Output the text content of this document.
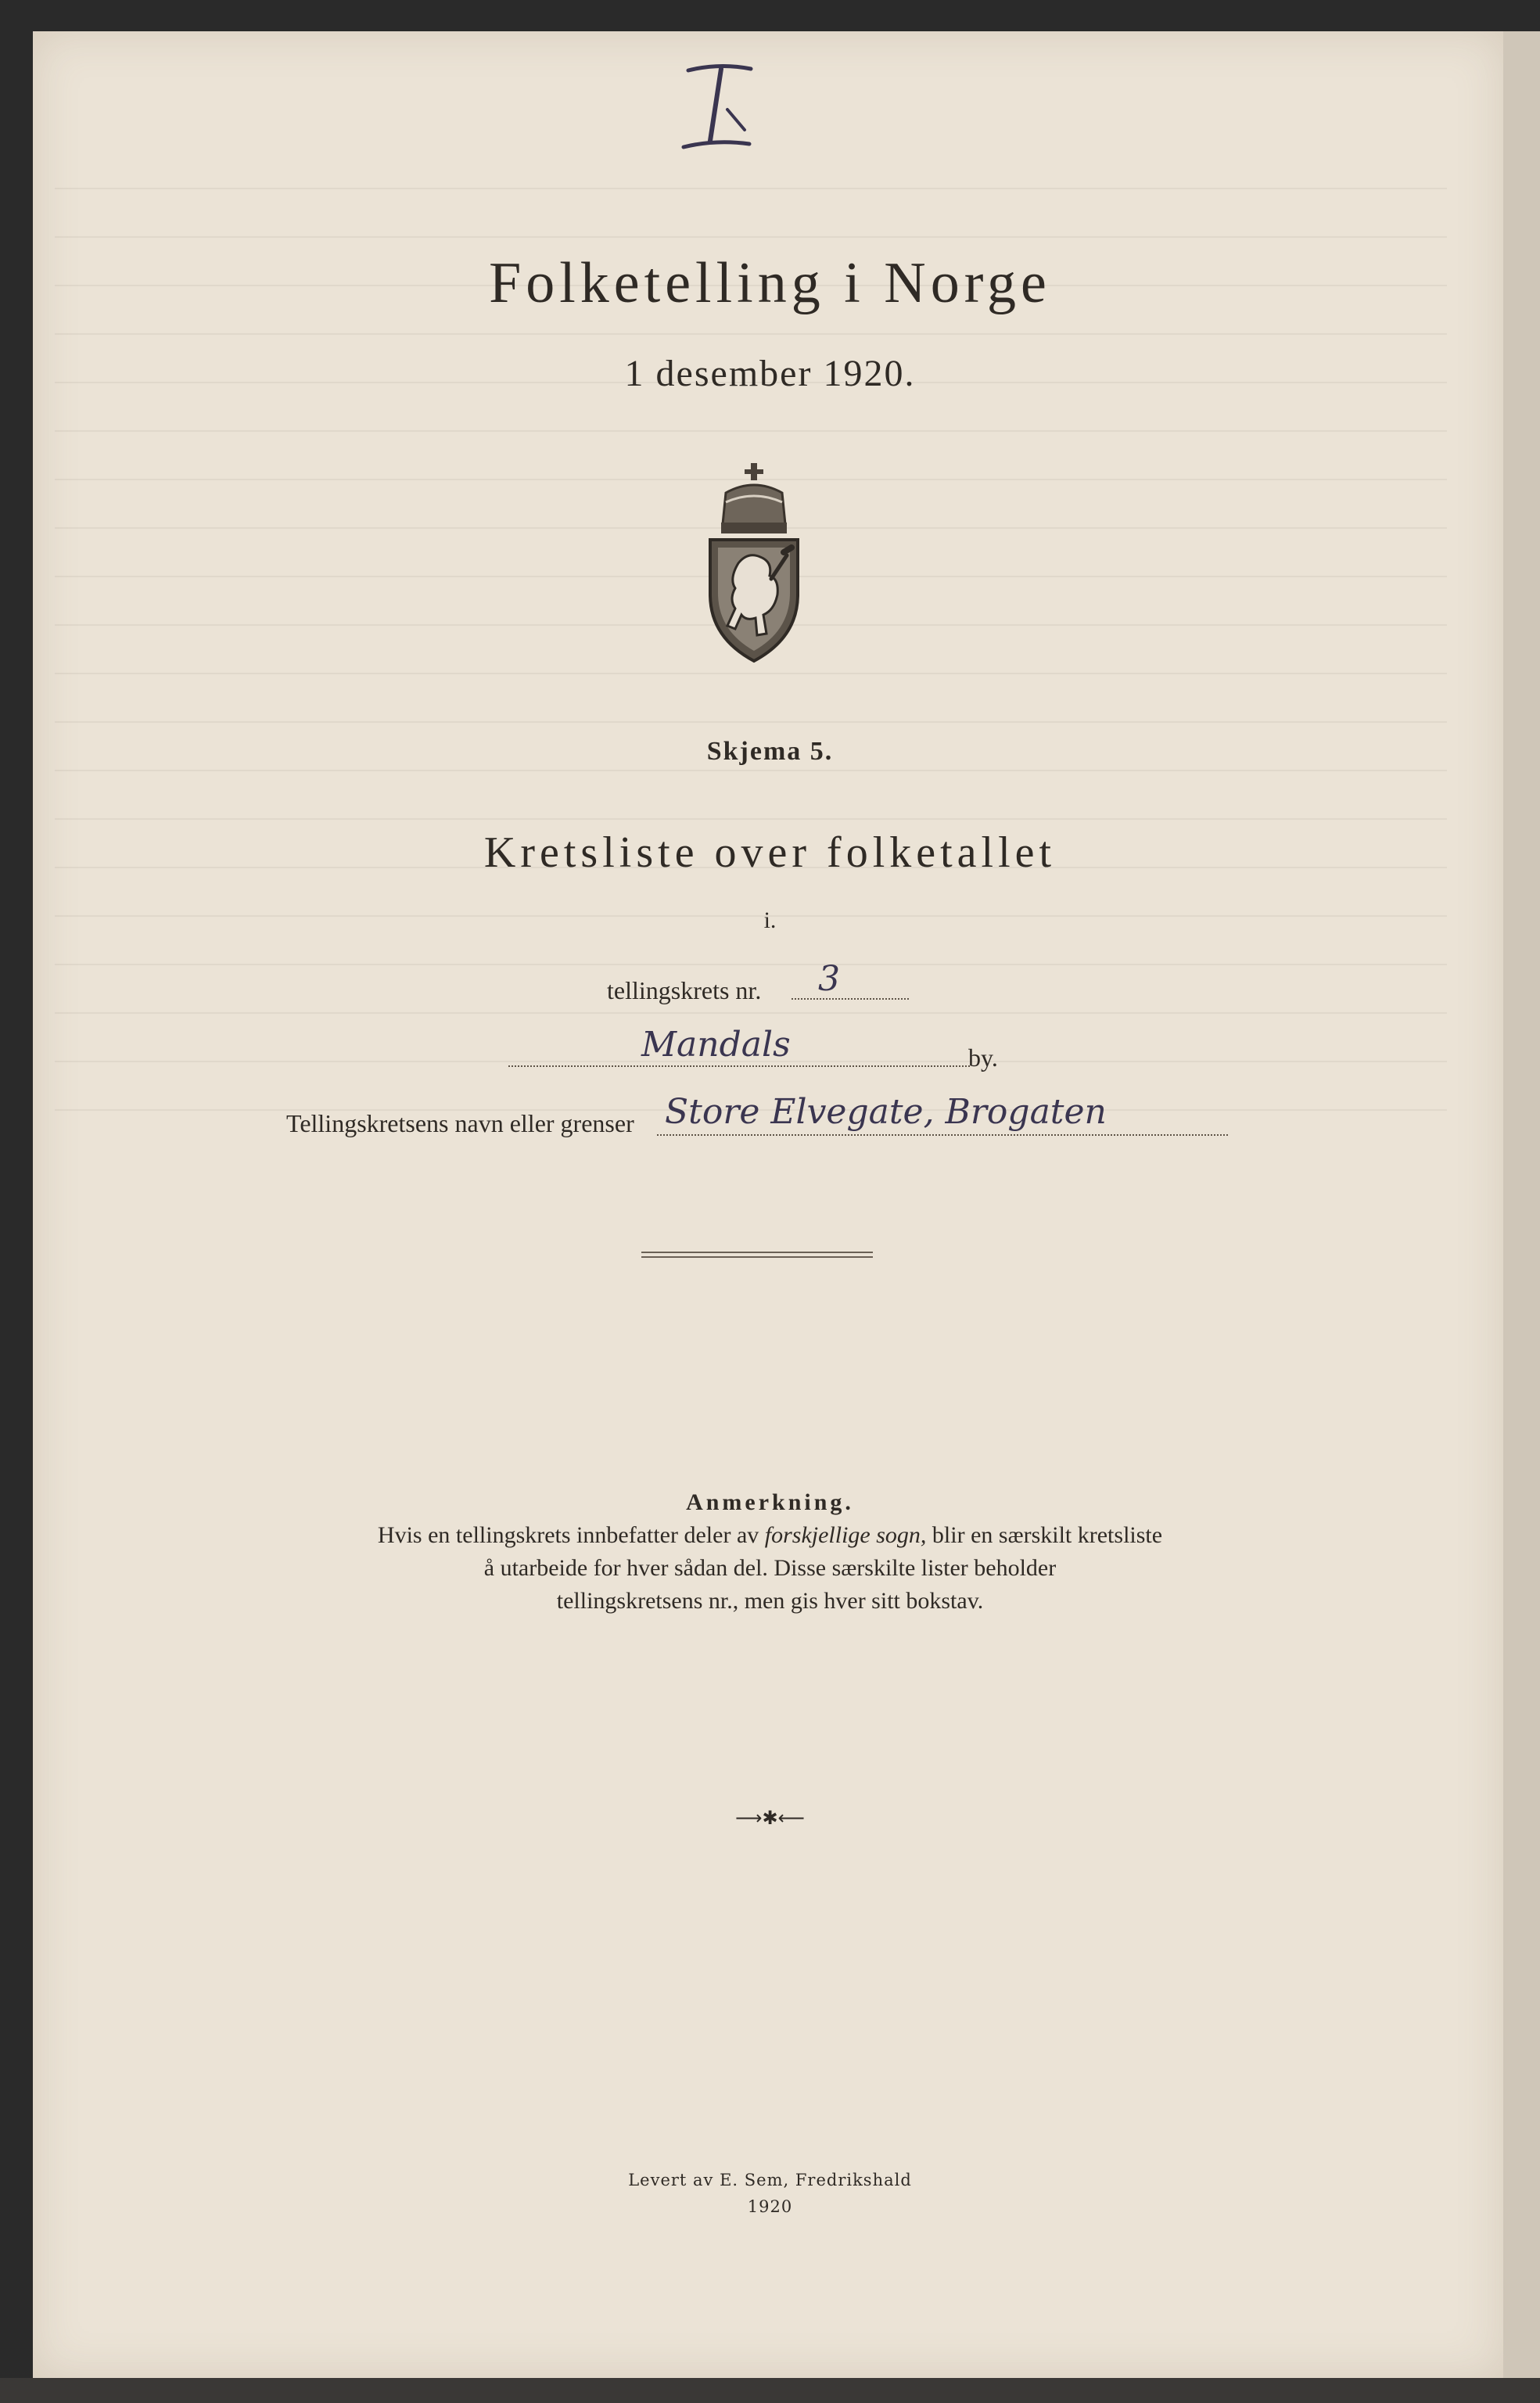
Folketelling i Norge
1 desember 1920.
Skjema 5.
Kretsliste over folketallet
i.
tellingskrets nr. 3
Mandals	by.
Tellingskretsens navn eller grenser Store Elvegate, Brogaten
Anmerkning.
Hvis en tellingskrets innbefatter deler av forskjellige sogn, blir en særskilt kretsliste
å utarbeide for hver sådan del. Disse særskilte lister beholder
tellingskretsens nr., men gis hver sitt bokstav.
⟶✱⟵
Levert av E. Sem, Fredrikshald
1920
